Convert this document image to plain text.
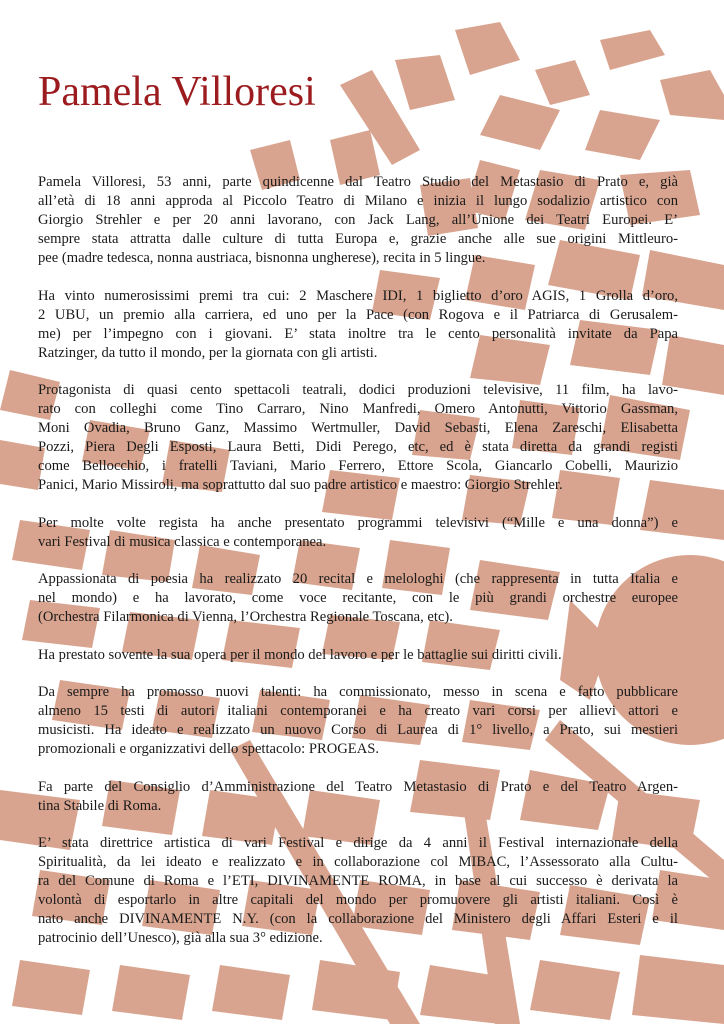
Pamela Villoresi

Pamela Villoresi, 53 anni, parte quindicenne dal Teatro Studio del Metastasio di Prato e, già
all’età di 18 anni approda al Piccolo Teatro di Milano e inizia il lungo sodalizio artistico con
Giorgio Strehler e per 20 anni lavorano, con Jack Lang, all’Unione dei Teatri Europei. E’
sempre stata attratta dalle culture di tutta Europa e, grazie anche alle sue origini Mittleuro-
pee (madre tedesca, nonna austriaca, bisnonna ungherese), recita in 5 lingue.

Ha vinto numerosissimi premi tra cui: 2 Maschere IDI, 1 biglietto d’oro AGIS, 1 Grolla d’oro,
2 UBU, un premio alla carriera, ed uno per la Pace (con Rogova e il Patriarca di Gerusalem-
me) per l’impegno con i giovani. E’ stata inoltre tra le cento personalità invitate da Papa
Ratzinger, da tutto il mondo, per la giornata con gli artisti.

Protagonista di quasi cento spettacoli teatrali, dodici produzioni televisive, 11 film, ha lavo-
rato con colleghi come Tino Carraro, Nino Manfredi, Omero Antonutti, Vittorio Gassman,
Moni Ovadia, Bruno Ganz, Massimo Wertmuller, David Sebasti, Elena Zareschi, Elisabetta
Pozzi, Piera Degli Esposti, Laura Betti, Didi Perego, etc, ed è stata diretta da grandi registi
come Bellocchio, i fratelli Taviani, Mario Ferrero, Ettore Scola, Giancarlo Cobelli, Maurizio
Panici, Mario Missiroli, ma soprattutto dal suo padre artistico e maestro: Giorgio Strehler.

Per molte volte regista ha anche presentato programmi televisivi (“Mille e una donna”) e
vari Festival di musica classica e contemporanea.

Appassionata di poesia ha realizzato 20 recital e melologhi (che rappresenta in tutta Italia e
nel mondo) e ha lavorato, come voce recitante, con le più grandi orchestre europee
(Orchestra Filarmonica di Vienna, l’Orchestra Regionale Toscana, etc).

Ha prestato sovente la sua opera per il mondo del lavoro e per le battaglie sui diritti civili.

Da sempre ha promosso nuovi talenti: ha commissionato, messo in scena e fatto pubblicare
almeno 15 testi di autori italiani contemporanei e ha creato vari corsi per allievi attori e
musicisti. Ha ideato e realizzato un nuovo Corso di Laurea di 1° livello, a Prato, sui mestieri
promozionali e organizzativi dello spettacolo: PROGEAS.

Fa parte del Consiglio d’Amministrazione del Teatro Metastasio di Prato e del Teatro Argen-
tina Stabile di Roma.

E’ stata direttrice artistica di vari Festival e dirige da 4 anni il Festival internazionale della
Spiritualità, da lei ideato e realizzato e in collaborazione col MIBAC, l’Assessorato alla Cultu-
ra del Comune di Roma e l’ETI, DIVINAMENTE ROMA, in base al cui successo è derivata la
volontà di esportarlo in altre capitali del mondo per promuovere gli artisti italiani. Così è
nato anche DIVINAMENTE N.Y. (con la collaborazione del Ministero degli Affari Esteri e il
patrocinio dell’Unesco), già alla sua 3° edizione.
